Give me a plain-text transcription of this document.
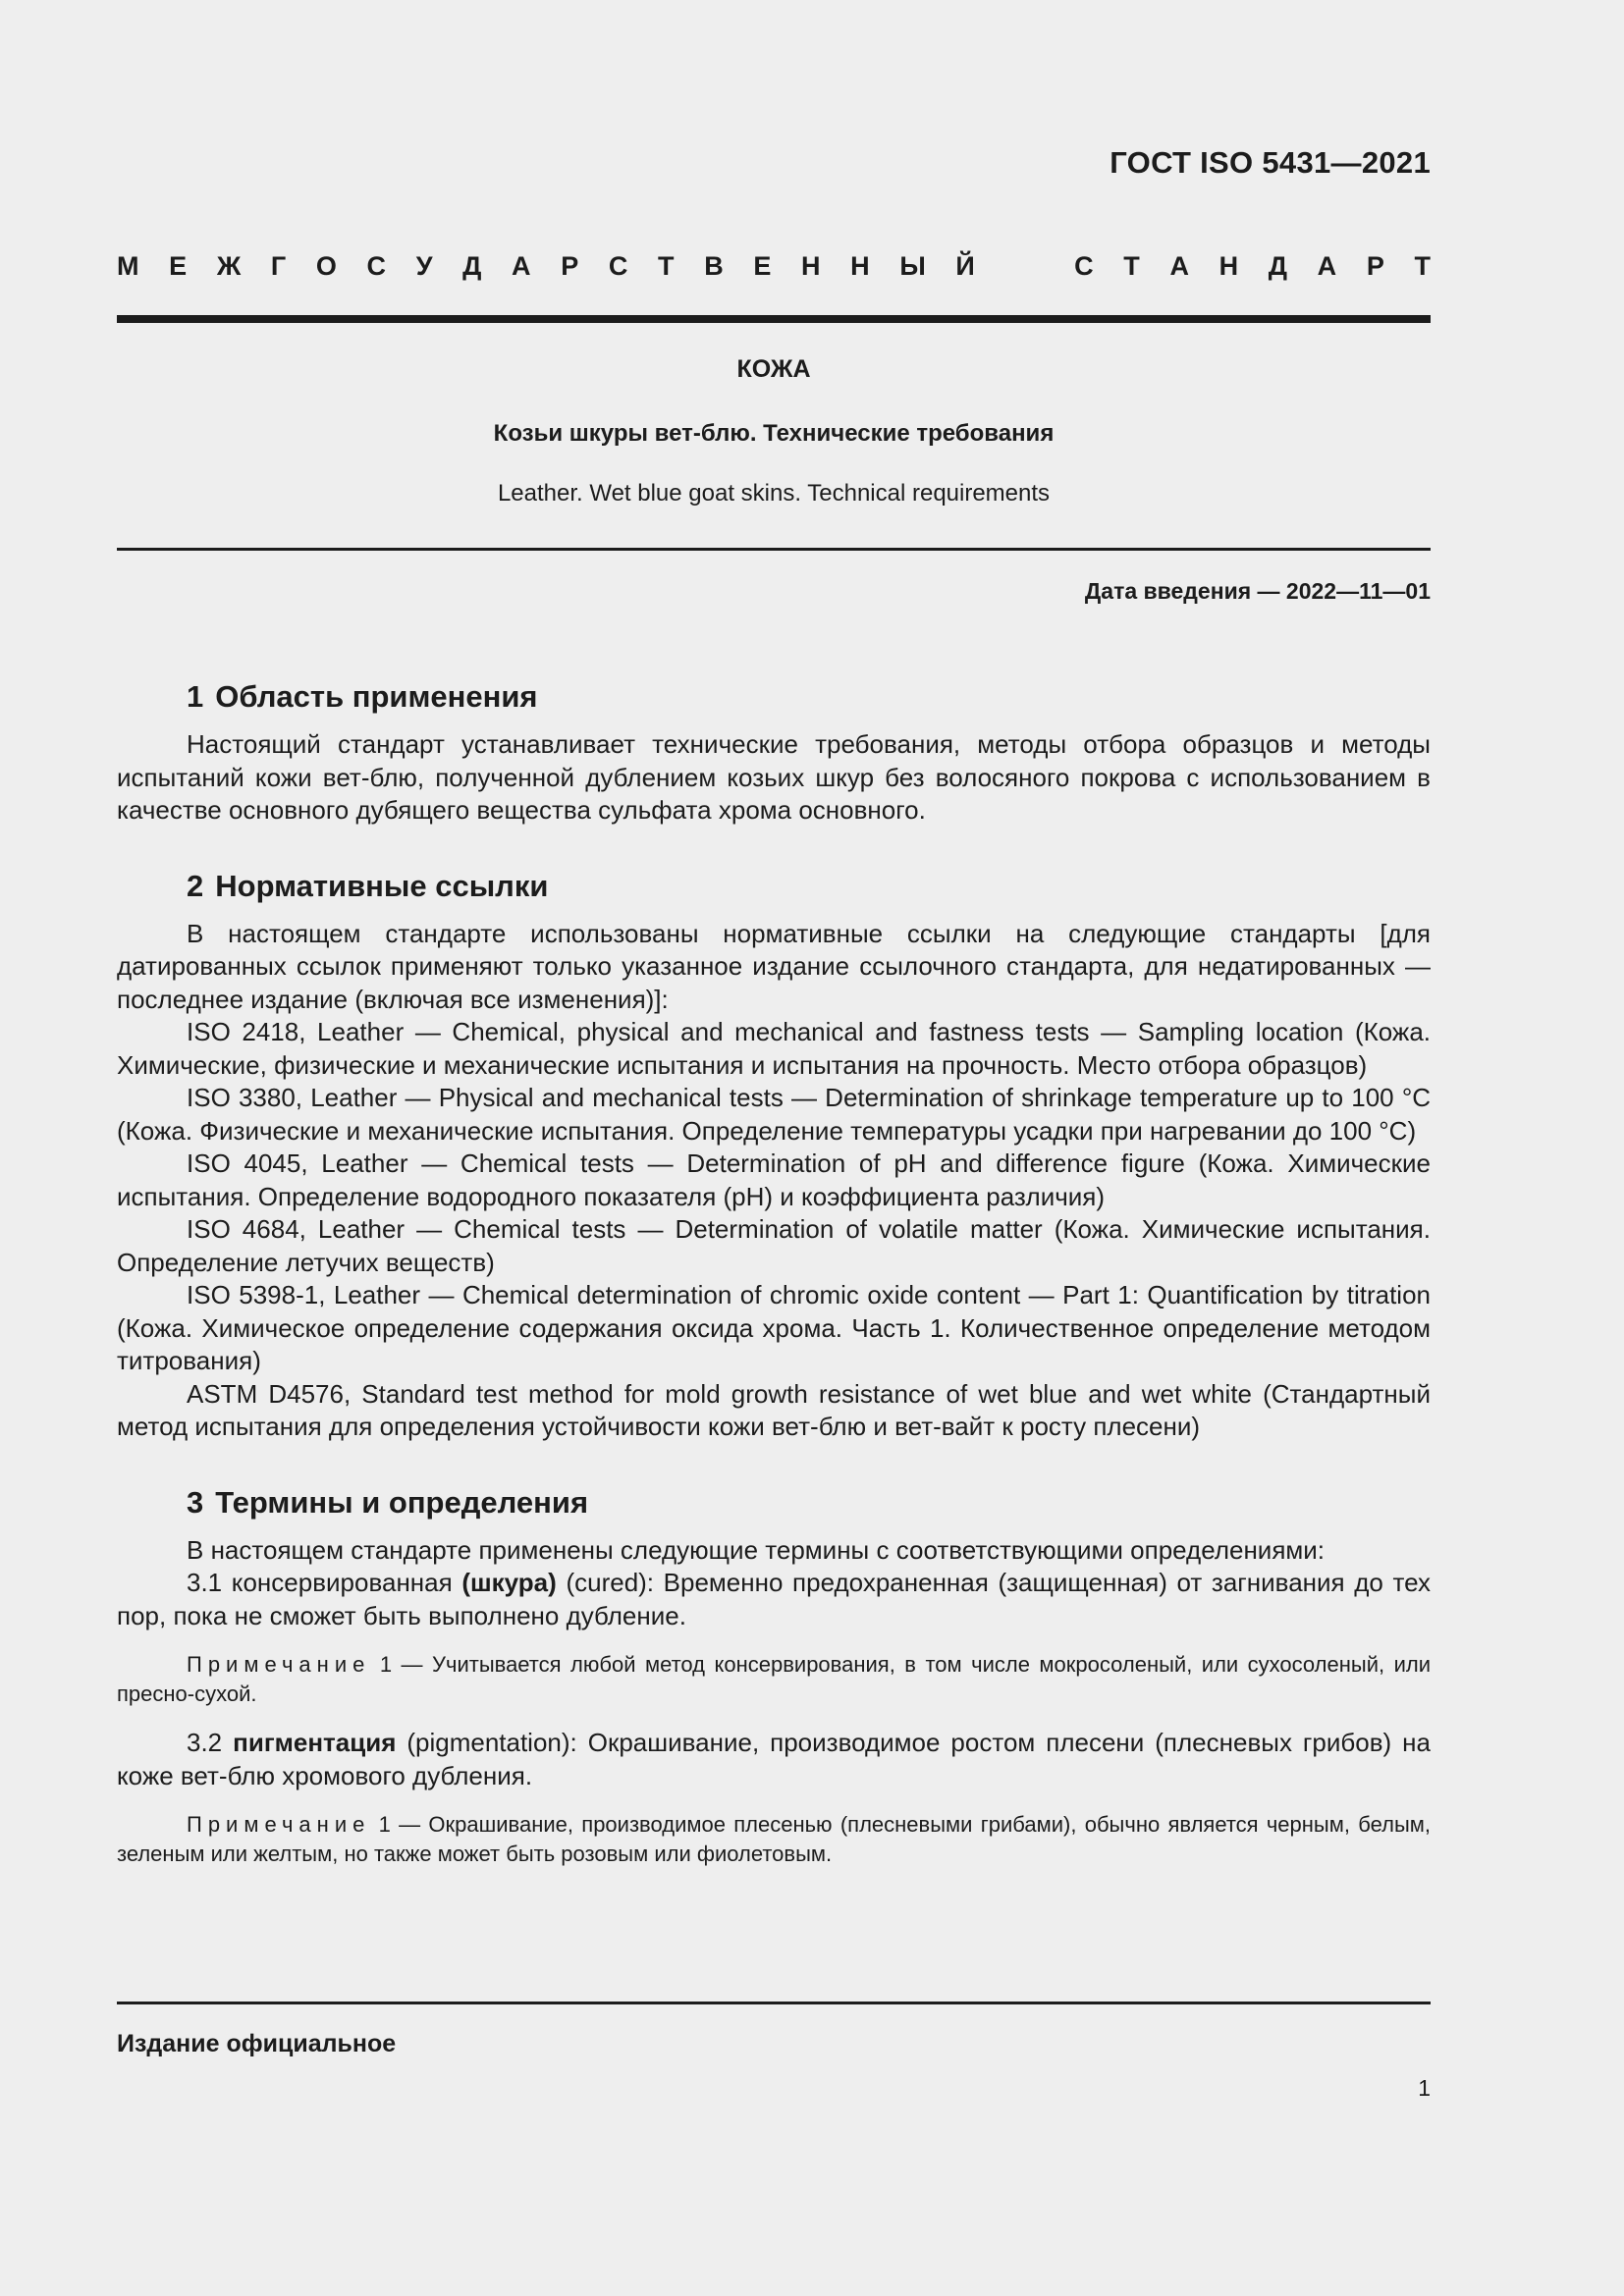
ГОСТ ISO 5431—2021
М Е Ж Г О С У Д А Р С Т В Е Н Н Ы Й	С Т А Н Д А Р Т
КОЖА
Козьи шкуры вет-блю. Технические требования
Leather. Wet blue goat skins. Technical requirements
Дата введения — 2022—11—01
1 Область применения

Настоящий стандарт устанавливает технические требования, методы отбора образцов и методы испытаний кожи вет-блю, полученной дублением козьих шкур без волосяного покрова с использованием в качестве основного дубящего вещества сульфата хрома основного.

2 Нормативные ссылки

В настоящем стандарте использованы нормативные ссылки на следующие стандарты [для датированных ссылок применяют только указанное издание ссылочного стандарта, для недатированных — последнее издание (включая все изменения)]:

ISO 2418, Leather — Chemical, physical and mechanical and fastness tests — Sampling location (Кожа. Химические, физические и механические испытания и испытания на прочность. Место отбора образцов)

ISO 3380, Leather — Physical and mechanical tests — Determination of shrinkage temperature up to 100 °C (Кожа. Физические и механические испытания. Определение температуры усадки при нагревании до 100 °C)

ISO 4045, Leather — Chemical tests — Determination of pH and difference figure (Кожа. Химические испытания. Определение водородного показателя (pH) и коэффициента различия)

ISO 4684, Leather — Chemical tests — Determination of volatile matter (Кожа. Химические испытания. Определение летучих веществ)

ISO 5398-1, Leather — Chemical determination of chromic oxide content — Part 1: Quantification by titration (Кожа. Химическое определение содержания оксида хрома. Часть 1. Количественное определение методом титрования)

ASTM D4576, Standard test method for mold growth resistance of wet blue and wet white (Стандартный метод испытания для определения устойчивости кожи вет-блю и вет-вайт к росту плесени)

3 Термины и определения

В настоящем стандарте применены следующие термины с соответствующими определениями:

3.1 консервированная (шкура) (cured): Временно предохраненная (защищенная) от загнивания до тех пор, пока не сможет быть выполнено дубление.

Примечание 1 — Учитывается любой метод консервирования, в том числе мокросоленый, или сухосоленый, или пресно-сухой.

3.2 пигментация (pigmentation): Окрашивание, производимое ростом плесени (плесневых грибов) на коже вет-блю хромового дубления.

Примечание 1 — Окрашивание, производимое плесенью (плесневыми грибами), обычно является черным, белым, зеленым или желтым, но также может быть розовым или фиолетовым.

Издание официальное
1
